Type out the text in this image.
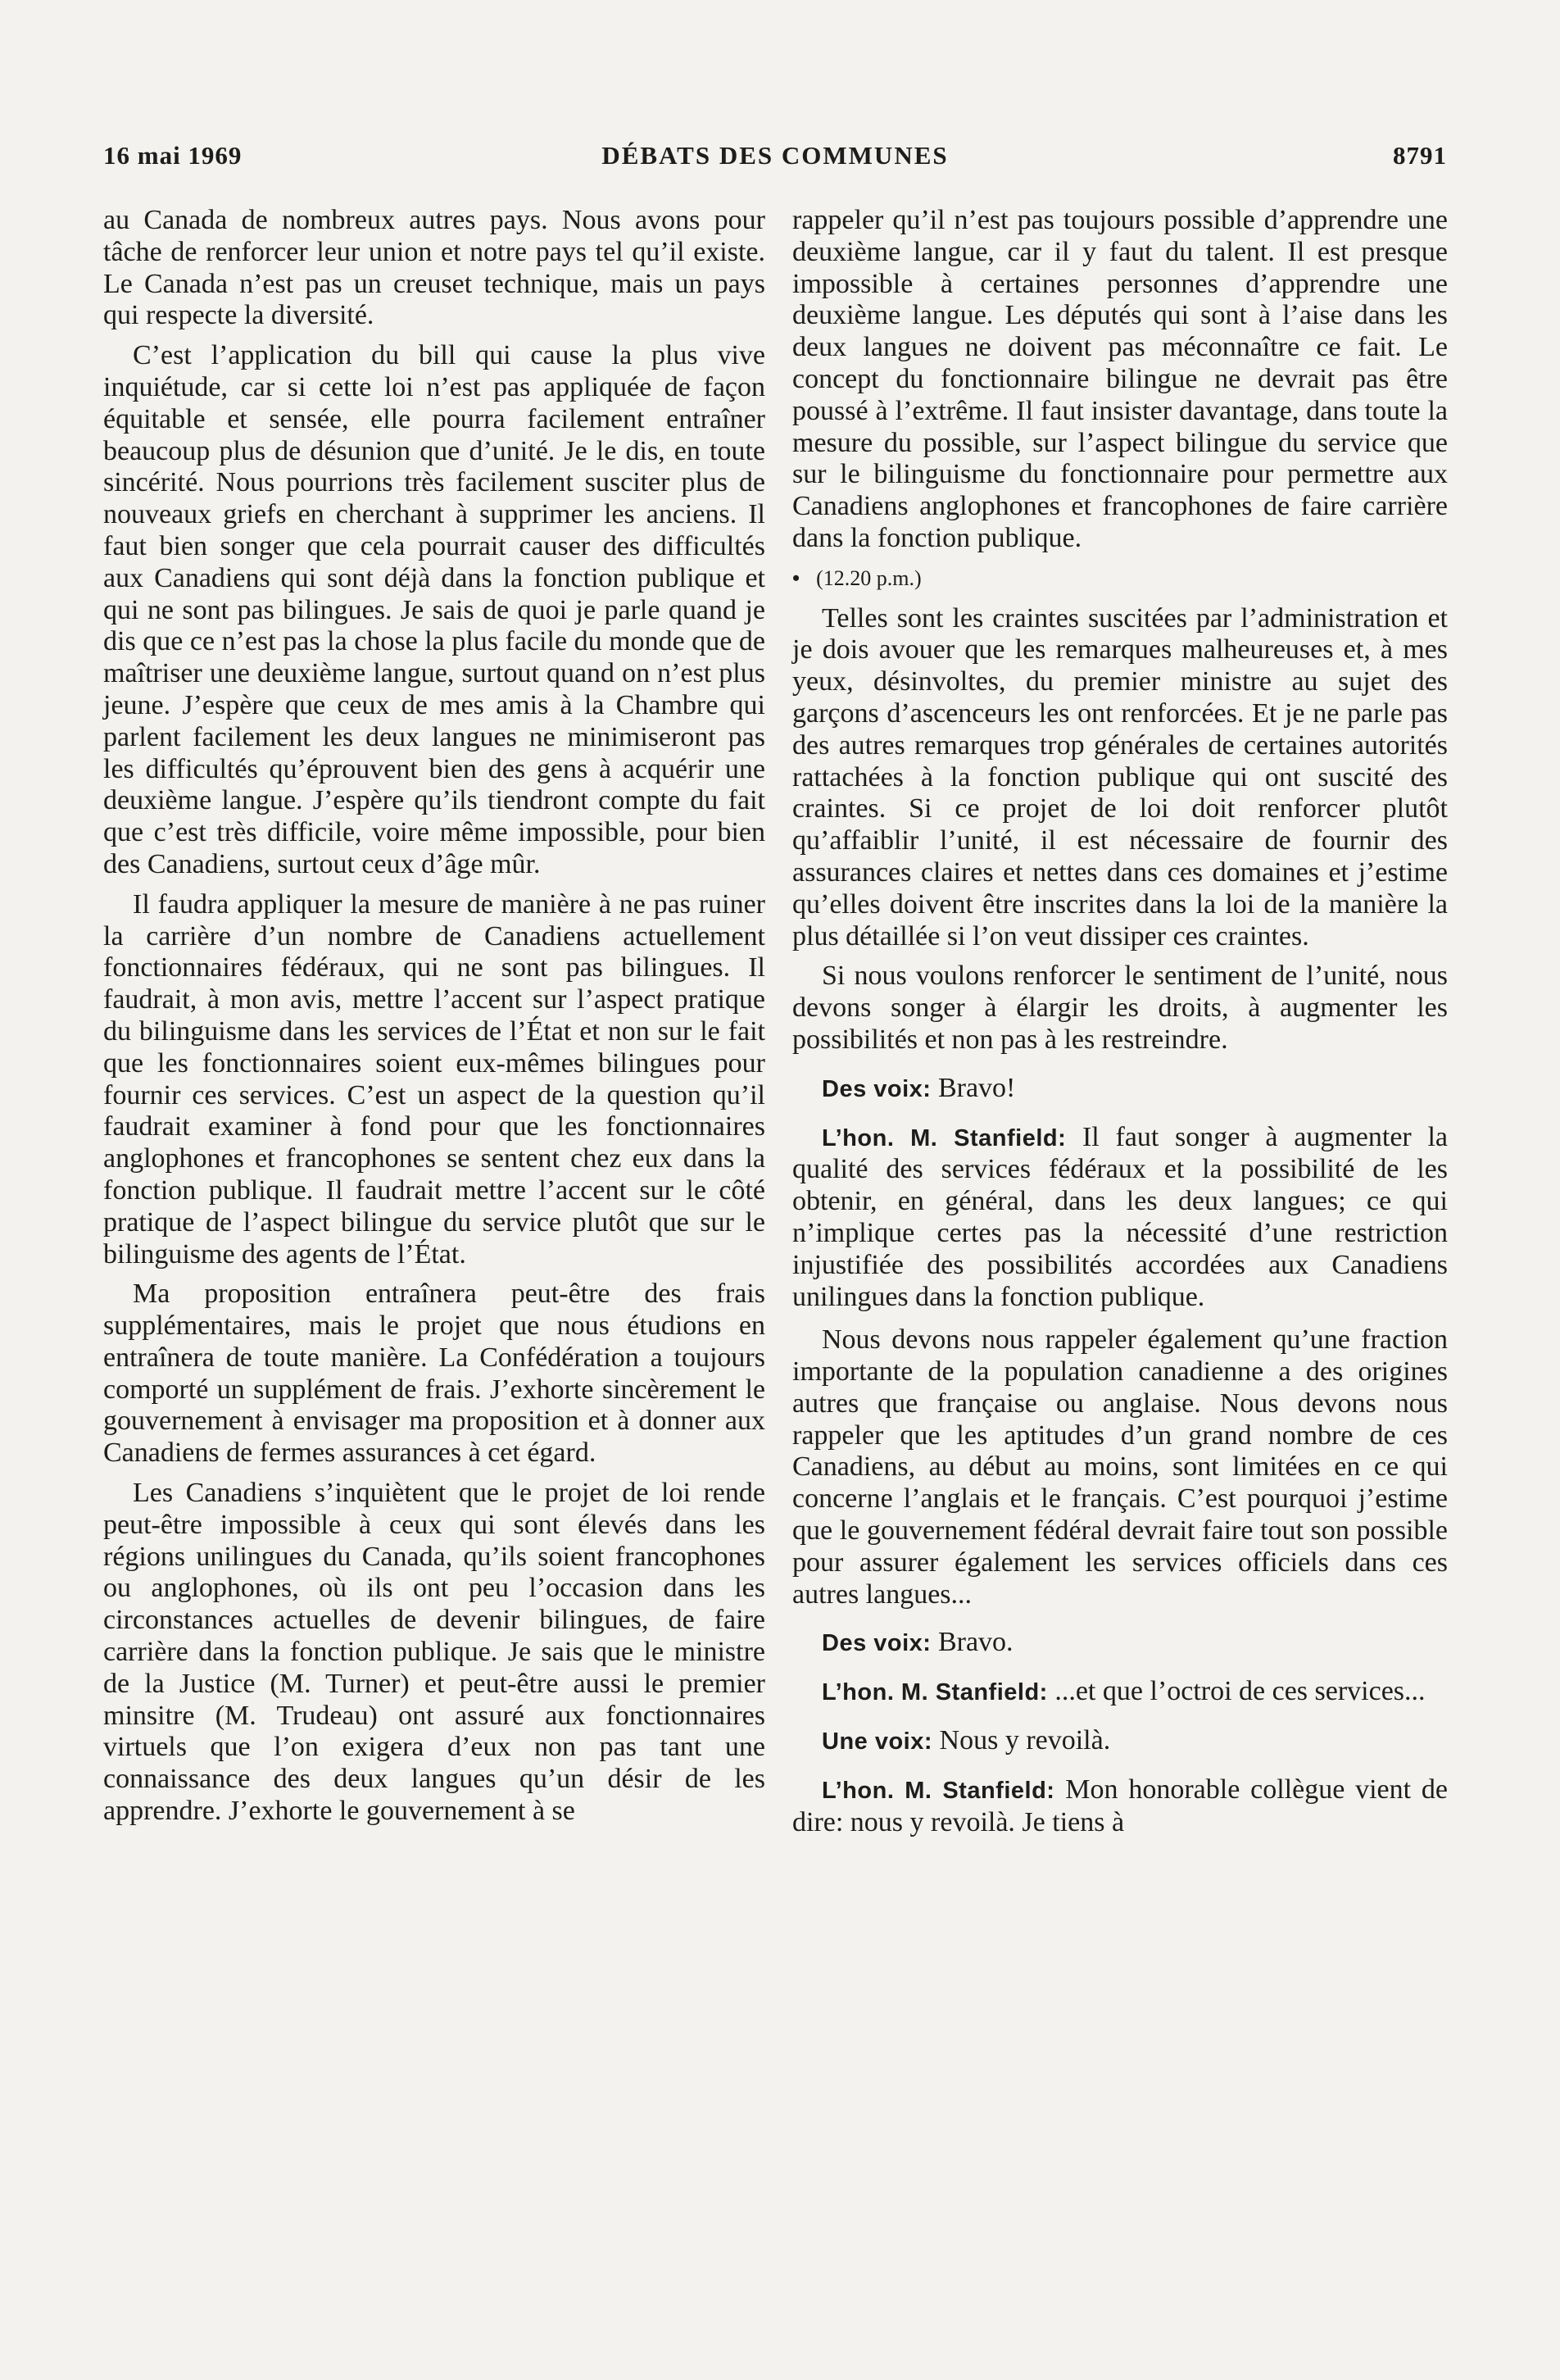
16 mai 1969	DÉBATS DES COMMUNES	8791

au Canada de nombreux autres pays. Nous avons pour tâche de renforcer leur union et notre pays tel qu’il existe. Le Canada n’est pas un creuset technique, mais un pays qui respecte la diversité.

C’est l’application du bill qui cause la plus vive inquiétude, car si cette loi n’est pas appliquée de façon équitable et sensée, elle pourra facilement entraîner beaucoup plus de désunion que d’unité. Je le dis, en toute sincérité. Nous pourrions très facilement susciter plus de nouveaux griefs en cherchant à supprimer les anciens. Il faut bien songer que cela pourrait causer des difficultés aux Canadiens qui sont déjà dans la fonction publique et qui ne sont pas bilingues. Je sais de quoi je parle quand je dis que ce n’est pas la chose la plus facile du monde que de maîtriser une deuxième langue, surtout quand on n’est plus jeune. J’espère que ceux de mes amis à la Chambre qui parlent facilement les deux langues ne minimiseront pas les difficultés qu’éprouvent bien des gens à acquérir une deuxième langue. J’espère qu’ils tiendront compte du fait que c’est très difficile, voire même impossible, pour bien des Canadiens, surtout ceux d’âge mûr.

Il faudra appliquer la mesure de manière à ne pas ruiner la carrière d’un nombre de Canadiens actuellement fonctionnaires fédéraux, qui ne sont pas bilingues. Il faudrait, à mon avis, mettre l’accent sur l’aspect pratique du bilinguisme dans les services de l’État et non sur le fait que les fonctionnaires soient eux-mêmes bilingues pour fournir ces services. C’est un aspect de la question qu’il faudrait examiner à fond pour que les fonctionnaires anglophones et francophones se sentent chez eux dans la fonction publique. Il faudrait mettre l’accent sur le côté pratique de l’aspect bilingue du service plutôt que sur le bilinguisme des agents de l’État.

Ma proposition entraînera peut-être des frais supplémentaires, mais le projet que nous étudions en entraînera de toute manière. La Confédération a toujours comporté un supplément de frais. J’exhorte sincèrement le gouvernement à envisager ma proposition et à donner aux Canadiens de fermes assurances à cet égard.

Les Canadiens s’inquiètent que le projet de loi rende peut-être impossible à ceux qui sont élevés dans les régions unilingues du Canada, qu’ils soient francophones ou anglophones, où ils ont peu l’occasion dans les circonstances actuelles de devenir bilingues, de faire carrière dans la fonction publique. Je sais que le ministre de la Justice (M. Turner) et peut-être aussi le premier minsitre (M. Trudeau) ont assuré aux fonctionnaires virtuels que l’on exigera d’eux non pas tant une connaissance des deux langues qu’un désir de les apprendre. J’exhorte le gouvernement à se

rappeler qu’il n’est pas toujours possible d’apprendre une deuxième langue, car il y faut du talent. Il est presque impossible à certaines personnes d’apprendre une deuxième langue. Les députés qui sont à l’aise dans les deux langues ne doivent pas méconnaître ce fait. Le concept du fonctionnaire bilingue ne devrait pas être poussé à l’extrême. Il faut insister davantage, dans toute la mesure du possible, sur l’aspect bilingue du service que sur le bilinguisme du fonctionnaire pour permettre aux Canadiens anglophones et francophones de faire carrière dans la fonction publique.

• (12.20 p.m.)

Telles sont les craintes suscitées par l’administration et je dois avouer que les remarques malheureuses et, à mes yeux, désinvoltes, du premier ministre au sujet des garçons d’ascenceurs les ont renforcées. Et je ne parle pas des autres remarques trop générales de certaines autorités rattachées à la fonction publique qui ont suscité des craintes. Si ce projet de loi doit renforcer plutôt qu’affaiblir l’unité, il est nécessaire de fournir des assurances claires et nettes dans ces domaines et j’estime qu’elles doivent être inscrites dans la loi de la manière la plus détaillée si l’on veut dissiper ces craintes.

Si nous voulons renforcer le sentiment de l’unité, nous devons songer à élargir les droits, à augmenter les possibilités et non pas à les restreindre.

Des voix: Bravo!

L’hon. M. Stanfield: Il faut songer à augmenter la qualité des services fédéraux et la possibilité de les obtenir, en général, dans les deux langues; ce qui n’implique certes pas la nécessité d’une restriction injustifiée des possibilités accordées aux Canadiens unilingues dans la fonction publique.

Nous devons nous rappeler également qu’une fraction importante de la population canadienne a des origines autres que française ou anglaise. Nous devons nous rappeler que les aptitudes d’un grand nombre de ces Canadiens, au début au moins, sont limitées en ce qui concerne l’anglais et le français. C’est pourquoi j’estime que le gouvernement fédéral devrait faire tout son possible pour assurer également les services officiels dans ces autres langues...

Des voix: Bravo.

L’hon. M. Stanfield: ...et que l’octroi de ces services...

Une voix: Nous y revoilà.

L’hon. M. Stanfield: Mon honorable collègue vient de dire: nous y revoilà. Je tiens à
